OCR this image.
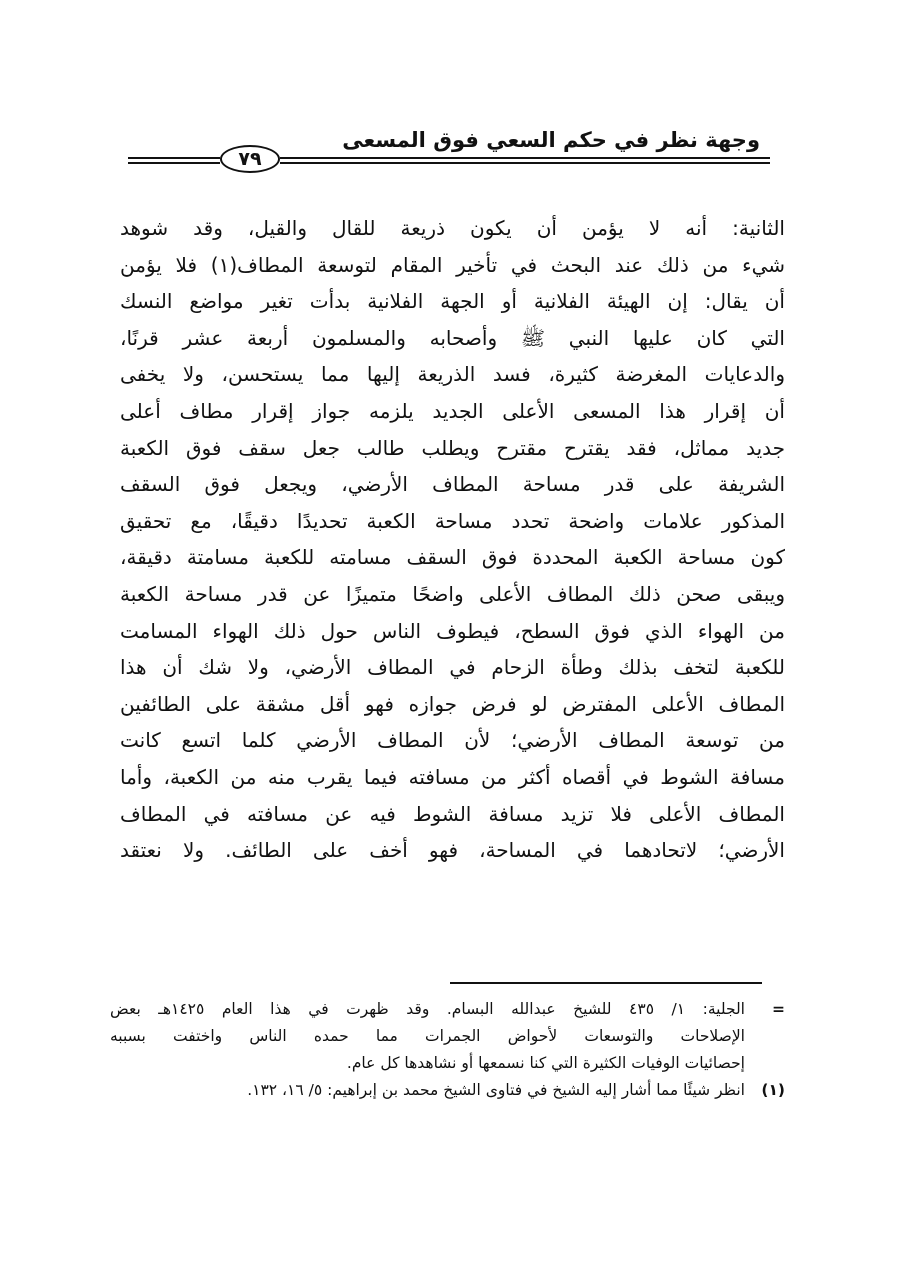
وجهة نظر في حكم السعي فوق المسعى
٧٩
الثانية: أنه لا يؤمن أن يكون ذريعة للقال والقيل، وقد شوهد
شيء من ذلك عند البحث في تأخير المقام لتوسعة المطاف(١) فلا يؤمن
أن يقال: إن الهيئة الفلانية أو الجهة الفلانية بدأت تغير مواضع النسك
التي كان عليها النبي ﷺ وأصحابه والمسلمون أربعة عشر قرنًا،
والدعايات المغرضة كثيرة، فسد الذريعة إليها مما يستحسن، ولا يخفى
أن إقرار هذا المسعى الأعلى الجديد يلزمه جواز إقرار مطاف أعلى
جديد مماثل، فقد يقترح مقترح ويطلب طالب جعل سقف فوق الكعبة
الشريفة على قدر مساحة المطاف الأرضي، ويجعل فوق السقف
المذكور علامات واضحة تحدد مساحة الكعبة تحديدًا دقيقًا، مع تحقيق
كون مساحة الكعبة المحددة فوق السقف مسامته للكعبة مسامتة دقيقة،
ويبقى صحن ذلك المطاف الأعلى واضحًا متميزًا عن قدر مساحة الكعبة
من الهواء الذي فوق السطح، فيطوف الناس حول ذلك الهواء المسامت
للكعبة لتخف بذلك وطأة الزحام في المطاف الأرضي، ولا شك أن هذا
المطاف الأعلى المفترض لو فرض جوازه فهو أقل مشقة على الطائفين
من توسعة المطاف الأرضي؛ لأن المطاف الأرضي كلما اتسع كانت
مسافة الشوط في أقصاه أكثر من مسافته فيما يقرب منه من الكعبة، وأما
المطاف الأعلى فلا تزيد مسافة الشوط فيه عن مسافته في المطاف
الأرضي؛ لاتحادهما في المساحة، فهو أخف على الطائف. ولا نعتقد
=
الجلية: ١/ ٤٣٥ للشيخ عبدالله البسام. وقد ظهرت في هذا العام ١٤٢٥هـ بعض
الإصلاحات والتوسعات لأحواض الجمرات مما حمده الناس واختفت بسببه
إحصائيات الوفيات الكثيرة التي كنا نسمعها أو نشاهدها كل عام.
(١)
انظر شيئًا مما أشار إليه الشيخ في فتاوى الشيخ محمد بن إبراهيم: ٥/ ١٦، ١٣٢.
